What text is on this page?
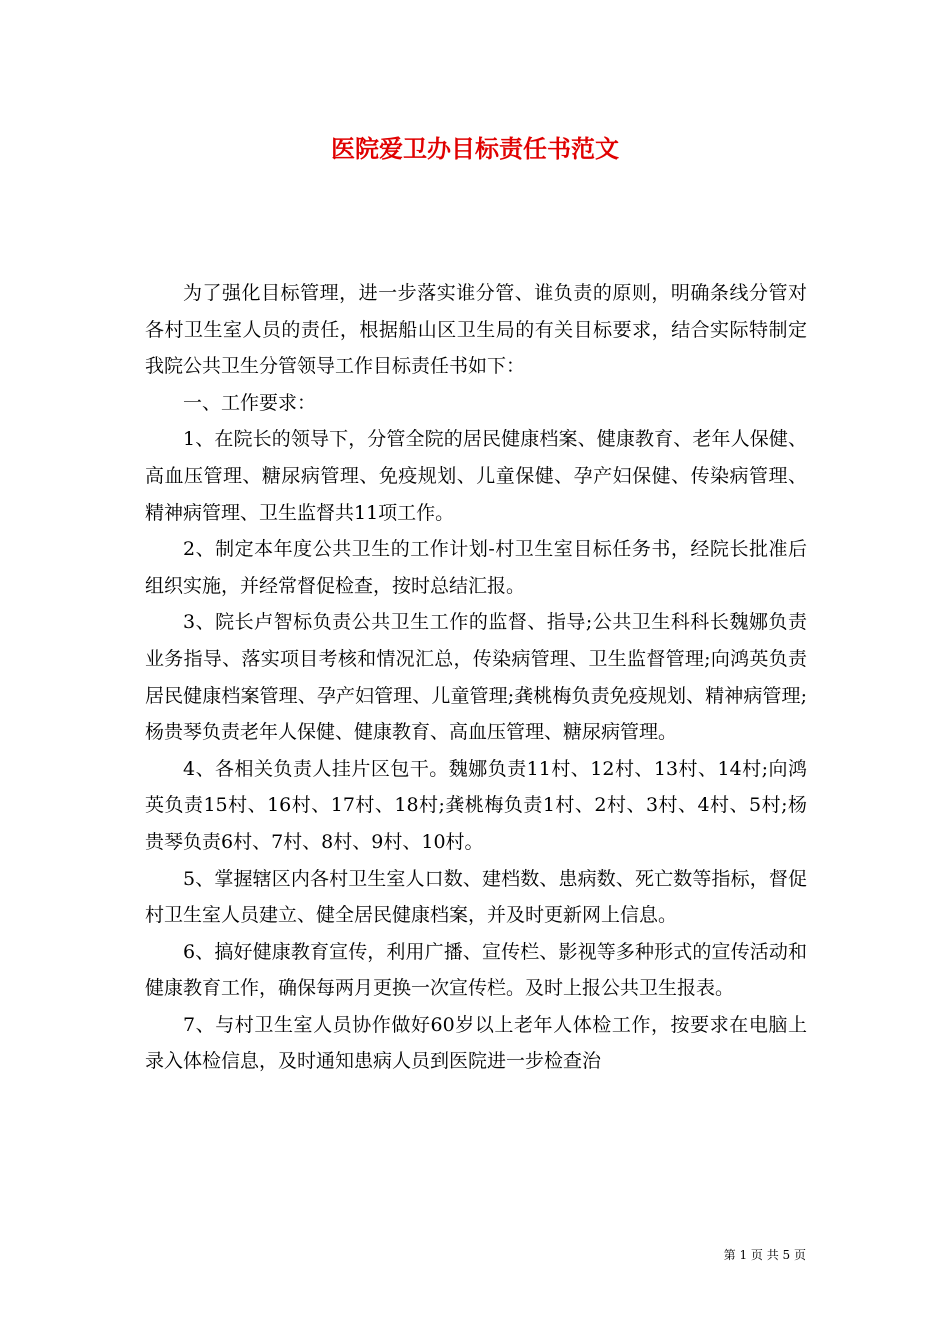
医院爱卫办目标责任书范文

为了强化目标管理，进一步落实谁分管、谁负责的原则，明确条线分管对各村卫生室人员的责任，根据船山区卫生局的有关目标要求，结合实际特制定我院公共卫生分管领导工作目标责任书如下：

一、工作要求：

1、在院长的领导下，分管全院的居民健康档案、健康教育、老年人保健、高血压管理、糖尿病管理、免疫规划、儿童保健、孕产妇保健、传染病管理、精神病管理、卫生监督共11项工作。

2、制定本年度公共卫生的工作计划-村卫生室目标任务书，经院长批准后组织实施，并经常督促检查，按时总结汇报。

3、院长卢智标负责公共卫生工作的监督、指导;公共卫生科科长魏娜负责业务指导、落实项目考核和情况汇总，传染病管理、卫生监督管理;向鸿英负责居民健康档案管理、孕产妇管理、儿童管理;龚桃梅负责免疫规划、精神病管理;杨贵琴负责老年人保健、健康教育、高血压管理、糖尿病管理。

4、各相关负责人挂片区包干。魏娜负责11村、12村、13村、14村;向鸿英负责15村、16村、17村、18村;龚桃梅负责1村、2村、3村、4村、5村;杨贵琴负责6村、7村、8村、9村、10村。

5、掌握辖区内各村卫生室人口数、建档数、患病数、死亡数等指标，督促村卫生室人员建立、健全居民健康档案，并及时更新网上信息。

6、搞好健康教育宣传，利用广播、宣传栏、影视等多种形式的宣传活动和健康教育工作，确保每两月更换一次宣传栏。及时上报公共卫生报表。

7、与村卫生室人员协作做好60岁以上老年人体检工作，按要求在电脑上录入体检信息，及时通知患病人员到医院进一步检查治

第 1 页 共 5 页
